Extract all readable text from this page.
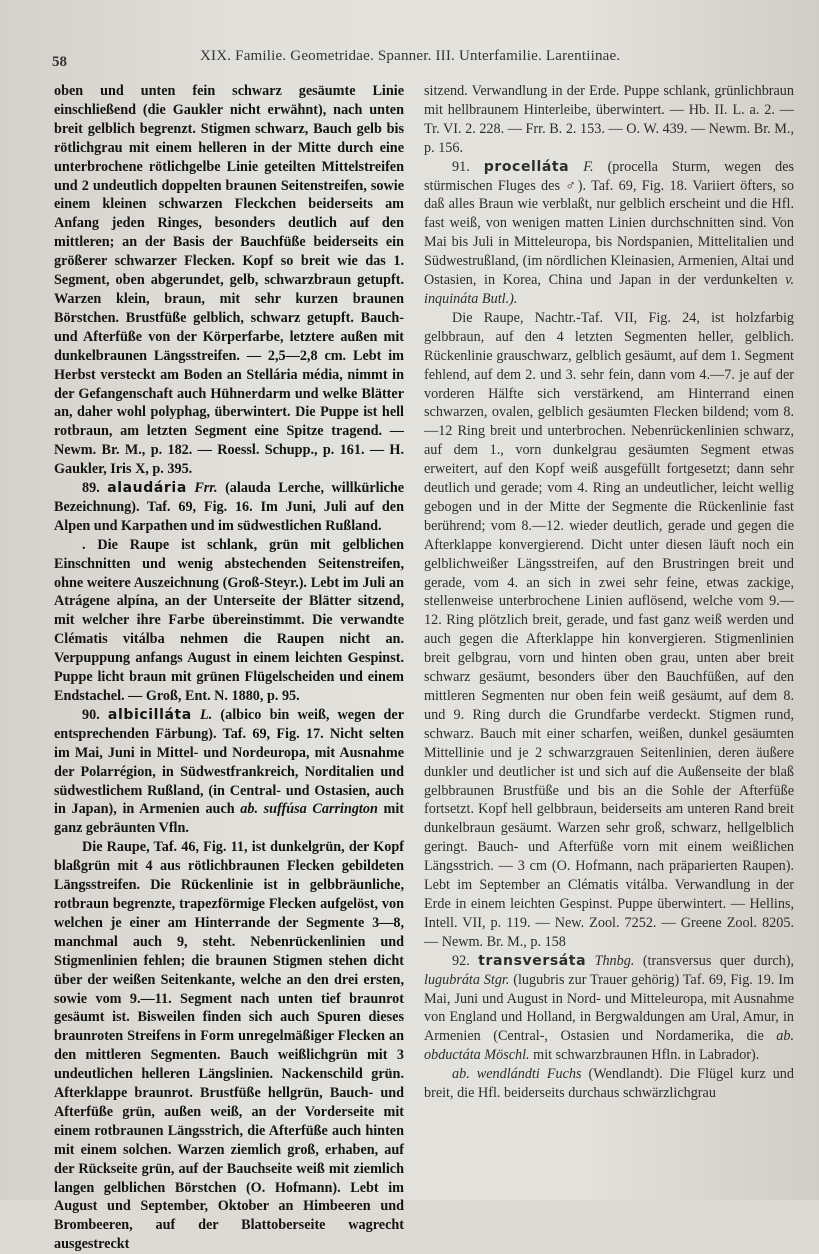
58	XIX. Familie. Geometridae. Spanner. III. Unterfamilie. Larentiinae.

oben und unten fein schwarz gesäumte Linie einschließend (die Gaukler nicht erwähnt), nach unten breit gelblich begrenzt. Stigmen schwarz, Bauch gelb bis rötlichgrau mit einem helleren in der Mitte durch eine unterbrochene rötlichgelbe Linie geteilten Mittelstreifen und 2 undeutlich doppelten braunen Seitenstreifen, sowie einem kleinen schwarzen Fleckchen beiderseits am Anfang jeden Ringes, besonders deutlich auf den mittleren; an der Basis der Bauchfüße beiderseits ein größerer schwarzer Flecken. Kopf so breit wie das 1. Segment, oben abgerundet, gelb, schwarzbraun getupft. Warzen klein, braun, mit sehr kurzen braunen Börstchen. Brustfüße gelblich, schwarz getupft. Bauch- und Afterfüße von der Körperfarbe, letztere außen mit dunkelbraunen Längsstreifen. — 2,5—2,8 cm. Lebt im Herbst versteckt am Boden an Stellária média, nimmt in der Gefangenschaft auch Hühnerdarm und welke Blätter an, daher wohl polyphag, überwintert. Die Puppe ist hell rotbraun, am letzten Segment eine Spitze tragend. — Newm. Br. M., p. 182. — Roessl. Schupp., p. 161. — H. Gaukler, Iris X, p. 395.

89. alaudária Frr. (alauda Lerche, willkürliche Bezeichnung). Taf. 69, Fig. 16. Im Juni, Juli auf den Alpen und Karpathen und im südwestlichen Rußland.

. Die Raupe ist schlank, grün mit gelblichen Einschnitten und wenig abstechenden Seitenstreifen, ohne weitere Auszeichnung (Groß-Steyr.). Lebt im Juli an Atrágene alpína, an der Unterseite der Blätter sitzend, mit welcher ihre Farbe übereinstimmt. Die verwandte Clématis vitálba nehmen die Raupen nicht an. Verpuppung anfangs August in einem leichten Gespinst. Puppe licht braun mit grünen Flügelscheiden und einem Endstachel. — Groß, Ent. N. 1880, p. 95.

90. albicilláta L. (albico bin weiß, wegen der entsprechenden Färbung). Taf. 69, Fig. 17. Nicht selten im Mai, Juni in Mittel- und Nordeuropa, mit Ausnahme der Polarrégion, in Südwestfrankreich, Norditalien und südwestlichem Rußland, (in Central- und Ostasien, auch in Japan), in Armenien auch ab. suffúsa Carrington mit ganz gebräunten Vfln.

Die Raupe, Taf. 46, Fig. 11, ist dunkelgrün, der Kopf blaßgrün mit 4 aus rötlichbraunen Flecken gebildeten Längsstreifen. Die Rückenlinie ist in gelbbräunliche, rotbraun begrenzte, trapezförmige Flecken aufgelöst, von welchen je einer am Hinterrande der Segmente 3—8, manchmal auch 9, steht. Nebenrückenlinien und Stigmenlinien fehlen; die braunen Stigmen stehen dicht über der weißen Seitenkante, welche an den drei ersten, sowie vom 9.—11. Segment nach unten tief braunrot gesäumt ist. Bisweilen finden sich auch Spuren dieses braunroten Streifens in Form unregelmäßiger Flecken an den mittleren Segmenten. Bauch weißlichgrün mit 3 undeutlichen helleren Längslinien. Nackenschild grün. Afterklappe braunrot. Brustfüße hellgrün, Bauch- und Afterfüße grün, außen weiß, an der Vorderseite mit einem rotbraunen Längsstrich, die Afterfüße auch hinten mit einem solchen. Warzen ziemlich groß, erhaben, auf der Rückseite grün, auf der Bauchseite weiß mit ziemlich langen gelblichen Börstchen (O. Hofmann). Lebt im August und September, Oktober an Himbeeren und Brombeeren, auf der Blattoberseite wagrecht ausgestreckt

sitzend. Verwandlung in der Erde. Puppe schlank, grünlichbraun mit hellbraunem Hinterleibe, überwintert. — Hb. II. L. a. 2. — Tr. VI. 2. 228. — Frr. B. 2. 153. — O. W. 439. — Newm. Br. M., p. 156.

91. procelláta F. (procella Sturm, wegen des stürmischen Fluges des ♂). Taf. 69, Fig. 18. Variiert öfters, so daß alles Braun wie verblaßt, nur gelblich erscheint und die Hfl. fast weiß, von wenigen matten Linien durchschnitten sind. Von Mai bis Juli in Mitteleuropa, bis Nordspanien, Mittelitalien und Südwestrußland, (im nördlichen Kleinasien, Armenien, Altai und Ostasien, in Korea, China und Japan in der verdunkelten v. inquináta Butl.).

Die Raupe, Nachtr.-Taf. VII, Fig. 24, ist holzfarbig gelbbraun, auf den 4 letzten Segmenten heller, gelblich. Rückenlinie grauschwarz, gelblich gesäumt, auf dem 1. Segment fehlend, auf dem 2. und 3. sehr fein, dann vom 4.—7. je auf der vorderen Hälfte sich verstärkend, am Hinterrand einen schwarzen, ovalen, gelblich gesäumten Flecken bildend; vom 8.—12 Ring breit und unterbrochen. Nebenrückenlinien schwarz, auf dem 1., vorn dunkelgrau gesäumten Segment etwas erweitert, auf den Kopf weiß ausgefüllt fortgesetzt; dann sehr deutlich und gerade; vom 4. Ring an undeutlicher, leicht wellig gebogen und in der Mitte der Segmente die Rückenlinie fast berührend; vom 8.—12. wieder deutlich, gerade und gegen die Afterklappe konvergierend. Dicht unter diesen läuft noch ein gelblichweißer Längsstreifen, auf den Brustringen breit und gerade, vom 4. an sich in zwei sehr feine, etwas zackige, stellenweise unterbrochene Linien auflösend, welche vom 9.—12. Ring plötzlich breit, gerade, und fast ganz weiß werden und auch gegen die Afterklappe hin konvergieren. Stigmenlinien breit gelbgrau, vorn und hinten oben grau, unten aber breit schwarz gesäumt, besonders über den Bauchfüßen, auf den mittleren Segmenten nur oben fein weiß gesäumt, auf dem 8. und 9. Ring durch die Grundfarbe verdeckt. Stigmen rund, schwarz. Bauch mit einer scharfen, weißen, dunkel gesäumten Mittellinie und je 2 schwarzgrauen Seitenlinien, deren äußere dunkler und deutlicher ist und sich auf die Außenseite der blaß gelbbraunen Brustfüße und bis an die Sohle der Afterfüße fortsetzt. Kopf hell gelbbraun, beiderseits am unteren Rand breit dunkelbraun gesäumt. Warzen sehr groß, schwarz, hellgelblich geringt. Bauch- und Afterfüße vorn mit einem weißlichen Längsstrich. — 3 cm (O. Hofmann, nach präparierten Raupen). Lebt im September an Clématis vitálba. Verwandlung in der Erde in einem leichten Gespinst. Puppe überwintert. — Hellins, Intell. VII, p. 119. — New. Zool. 7252. — Greene Zool. 8205. — Newm. Br. M., p. 158

92. transversáta Thnbg. (transversus quer durch), lugubráta Stgr. (lugubris zur Trauer gehörig) Taf. 69, Fig. 19. Im Mai, Juni und August in Nord- und Mitteleuropa, mit Ausnahme von England und Holland, in Bergwaldungen am Ural, Amur, in Armenien (Central-, Ostasien und Nordamerika, die ab. obductáta Möschl. mit schwarzbraunen Hfln. in Labrador).

ab. wendlándti Fuchs (Wendlandt). Die Flügel kurz und breit, die Hfl. beiderseits durchaus schwärzlichgrau
